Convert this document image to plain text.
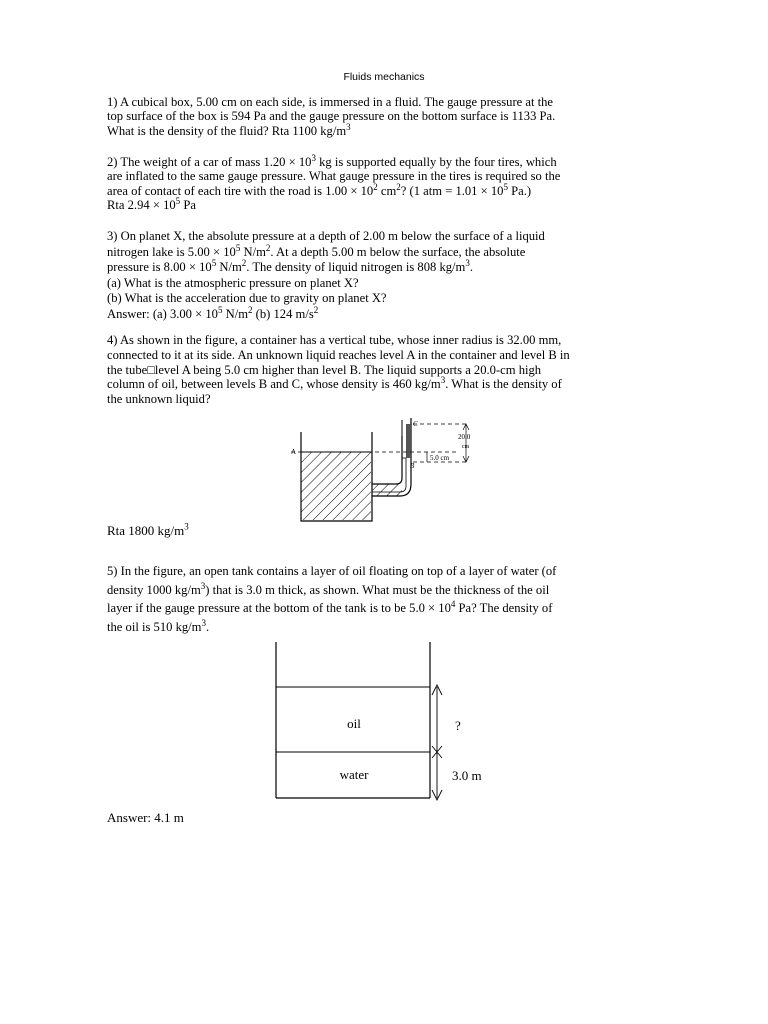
Fluids mechanics
1) A cubical box, 5.00 cm on each side, is immersed in a fluid. The gauge pressure at the
top surface of the box is 594 Pa and the gauge pressure on the bottom surface is 1133 Pa.
What is the density of the fluid? Rta 1100 $kg/m^3$
2) The weight of a car of mass $1.20 \times 10^3$ kg is supported equally by the four tires, which
are inflated to the same gauge pressure. What gauge pressure in the tires is required so the
area of contact of each tire with the road is $1.00 \times 10^2$ $cm^2$? (1 atm = $1.01 \times 10^5$ Pa.)
Rta $2.94 \times 10^5$ Pa
3) On planet X, the absolute pressure at a depth of 2.00 m below the surface of a liquid
nitrogen lake is $5.00 \times 10^5$ $N/m^2$. At a depth 5.00 m below the surface, the absolute
pressure is $8.00 \times 10^5$ $N/m^2$. The density of liquid nitrogen is 808 $kg/m^3$.
(a) What is the atmospheric pressure on planet X?
(b) What is the acceleration due to gravity on planet X?
Answer: (a) $3.00 \times 10^5$ $N/m^2$ (b) 124 $m/s^2$
4) As shown in the figure, a container has a vertical tube, whose inner radius is 32.00 mm,
connected to it at its side. An unknown liquid reaches level A in the container and level B in
the tube□level A being 5.0 cm higher than level B. The liquid supports a 20.0-cm high
column of oil, between levels B and C, whose density is 460 $kg/m^3$. What is the density of
the unknown liquid?
A
B
C
20.0
cm
5.0 cm
Rta 1800 $kg/m^3$
5) In the figure, an open tank contains a layer of oil floating on top of a layer of water (of
density 1000 $kg/m^3$) that is 3.0 m thick, as shown. What must be the thickness of the oil
layer if the gauge pressure at the bottom of the tank is to be $5.0 \times 10^4$ Pa? The density of
the oil is 510 $kg/m^3$.
oil
water
?
3.0 m
Answer: 4.1 m
